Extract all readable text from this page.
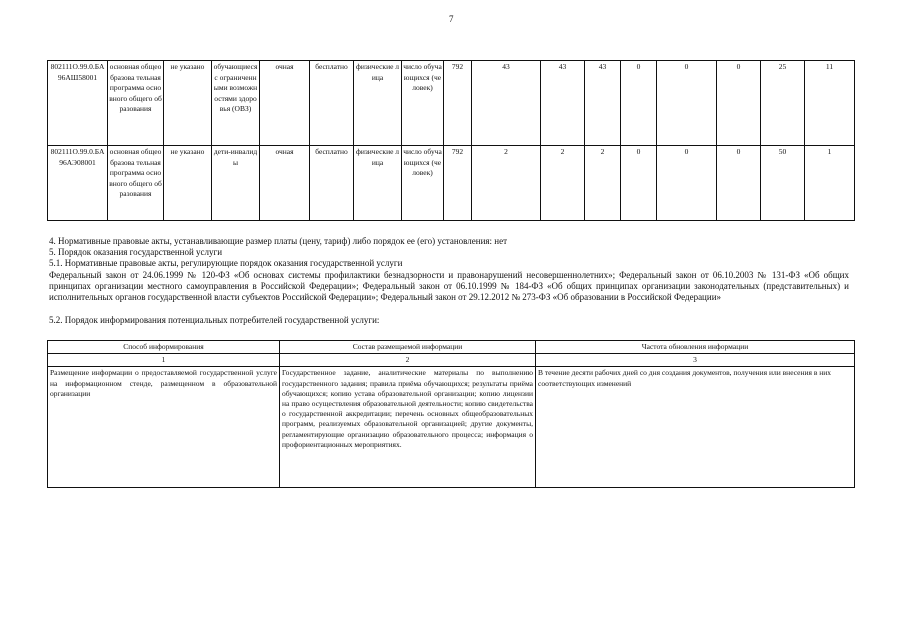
7
802111О.99.0.БА96АШ58001	основная общеобразова тельная программа основного общего образования	не указано	обучающиеся с ограниченными возможностями здоровья (ОВЗ)	очная	бесплатно	физические лица	число обучающихся (человек)	792	43	43	43	0	0	0	25	11
802111О.99.0.БА96АЭ08001	основная общеобразова тельная программа основного общего образования	не указано	дети-инвалиды	очная	бесплатно	физические лица	число обучающихся (человек)	792	2	2	2	0	0	0	50	1

4. Нормативные правовые акты, устанавливающие размер платы (цену, тариф) либо порядок ее (его) установления: нет

5. Порядок оказания государственной услуги

5.1. Нормативные правовые акты, регулирующие порядок оказания государственной услуги

Федеральный закон от 24.06.1999 № 120-ФЗ «Об основах системы профилактики безнадзорности и правонарушений несовершеннолетних»; Федеральный закон от 06.10.2003 № 131-ФЗ «Об общих принципах организации местного самоуправления в Российской Федерации»; Федеральный закон от 06.10.1999 № 184-ФЗ «Об общих принципах организации законодательных (представительных) и исполнительных органов государственной власти субъектов Российской Федерации»; Федеральный закон от 29.12.2012 № 273-ФЗ «Об образовании в Российской Федерации»

5.2. Порядок информирования потенциальных потребителей государственной услуги:

Способ информирования	Состав размещаемой информации	Частота обновления информации
1	2	3
Размещение информации о предоставляемой государственной услуге на информационном стенде, размещенном в образовательной организации	Государственное задание, аналитические материалы по выполнению государственного задания; правила приёма обучающихся; результаты приёма обучающихся; копию устава образовательной организации; копию лицензии на право осуществления образовательной деятельности; копию свидетельства о государственной аккредитации; перечень основных общеобразовательных программ, реализуемых образовательной организацией; другие документы, регламентирующие организацию образовательного процесса; информация о профориентационных мероприятиях.	В течение десяти рабочих дней со дня создания документов, получения или внесения в них соответствующих изменений
